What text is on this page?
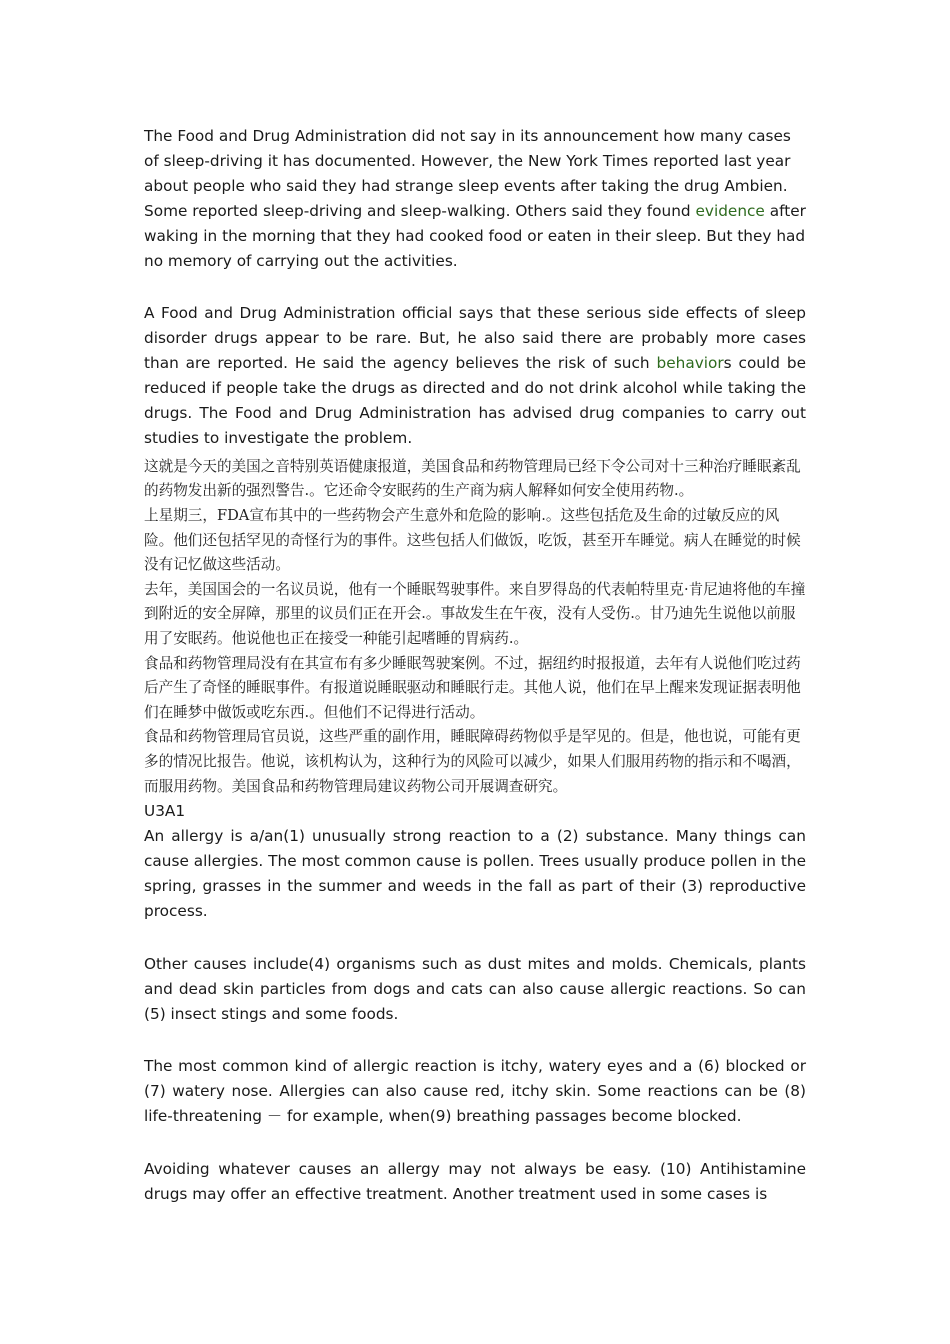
The Food and Drug Administration did not say in its announcement how many cases of sleep-driving it has documented. However, the New York Times reported last year about people who said they had strange sleep events after taking the drug Ambien. Some reported sleep-driving and sleep-walking. Others said they found evidence after waking in the morning that they had cooked food or eaten in their sleep. But they had no memory of carrying out the activities.

A Food and Drug Administration official says that these serious side effects of sleep disorder drugs appear to be rare. But, he also said there are probably more cases than are reported. He said the agency believes the risk of such behaviors could be reduced if people take the drugs as directed and do not drink alcohol while taking the drugs. The Food and Drug Administration has advised drug companies to carry out studies to investigate the problem.

这就是今天的美国之音特别英语健康报道，美国食品和药物管理局已经下令公司对十三种治疗睡眠紊乱的药物发出新的强烈警告.。它还命令安眠药的生产商为病人解释如何安全使用药物.。

上星期三，FDA宣布其中的一些药物会产生意外和危险的影响.。这些包括危及生命的过敏反应的风险。他们还包括罕见的奇怪行为的事件。这些包括人们做饭，吃饭，甚至开车睡觉。病人在睡觉的时候没有记忆做这些活动。

去年，美国国会的一名议员说，他有一个睡眠驾驶事件。来自罗得岛的代表帕特里克·肯尼迪将他的车撞到附近的安全屏障，那里的议员们正在开会.。事故发生在午夜，没有人受伤.。甘乃迪先生说他以前服用了安眠药。他说他也正在接受一种能引起嗜睡的胃病药.。

食品和药物管理局没有在其宣布有多少睡眠驾驶案例。不过，据纽约时报报道，去年有人说他们吃过药后产生了奇怪的睡眠事件。有报道说睡眠驱动和睡眠行走。其他人说，他们在早上醒来发现证据表明他们在睡梦中做饭或吃东西.。但他们不记得进行活动。

食品和药物管理局官员说，这些严重的副作用，睡眠障碍药物似乎是罕见的。但是，他也说，可能有更多的情况比报告。他说，该机构认为，这种行为的风险可以减少，如果人们服用药物的指示和不喝酒，而服用药物。美国食品和药物管理局建议药物公司开展调查研究。

U3A1

An allergy is a/an(1) unusually strong reaction to a (2) substance. Many things can cause allergies. The most common cause is pollen. Trees usually produce pollen in the spring, grasses in the summer and weeds in the fall as part of their (3) reproductive process.

Other causes include(4) organisms such as dust mites and molds. Chemicals, plants and dead skin particles from dogs and cats can also cause allergic reactions. So can (5) insect stings and some foods.

The most common kind of allergic reaction is itchy, watery eyes and a (6) blocked or (7) watery nose. Allergies can also cause red, itchy skin. Some reactions can be (8) life-threatening － for example, when(9) breathing passages become blocked.

Avoiding whatever causes an allergy may not always be easy. (10) Antihistamine drugs may offer an effective treatment. Another treatment used in some cases is
